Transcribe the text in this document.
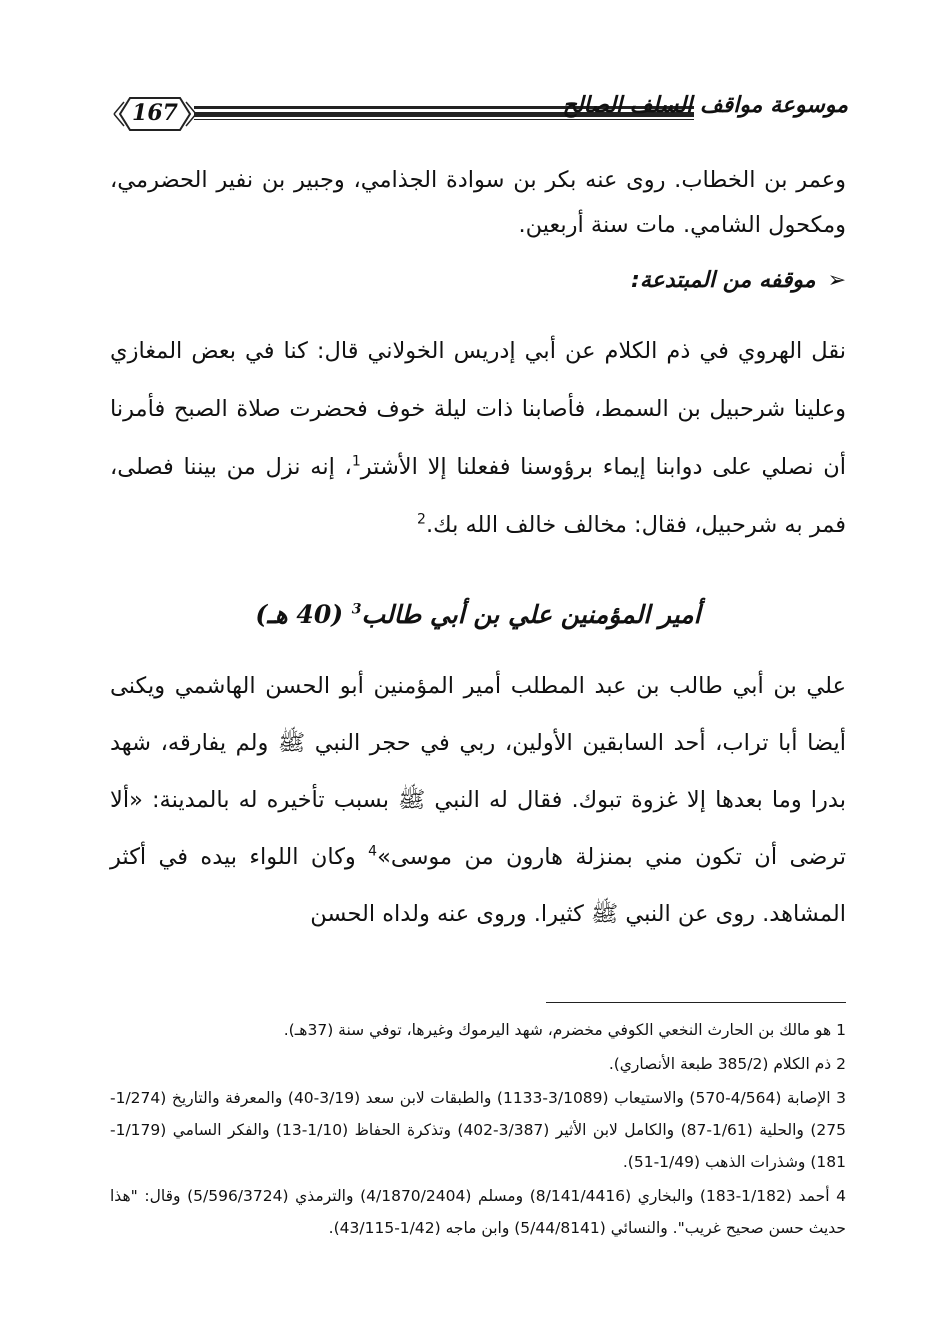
167	موسوعة مواقف السلف الصالح
وعمر بن الخطاب. روى عنه بكر بن سوادة الجذامي، وجبير بن نفير الحضرمي، ومكحول الشامي. مات سنة أربعين.
➢موقفه من المبتدعة:
نقل الهروي في ذم الكلام عن أبي إدريس الخولاني قال: كنا في بعض المغازي وعلينا شرحبيل بن السمط، فأصابنا ذات ليلة خوف فحضرت صلاة الصبح فأمرنا أن نصلي على دوابنا إيماء برؤوسنا ففعلنا إلا الأشتر$^1$، إنه نزل من بيننا فصلى، فمر به شرحبيل، فقال: مخالف خالف الله بك.$^2$
أمير المؤمنين علي بن أبي طالب$^3$ (40 هـ)
علي بن أبي طالب بن عبد المطلب أمير المؤمنين أبو الحسن الهاشمي ويكنى أيضا أبا تراب، أحد السابقين الأولين، ربي في حجر النبي ﷺ ولم يفارقه، شهد بدرا وما بعدها إلا غزوة تبوك. فقال له النبي ﷺ بسبب تأخيره له بالمدينة: «ألا ترضى أن تكون مني بمنزلة هارون من موسى»$^4$ وكان اللواء بيده في أكثر المشاهد. روى عن النبي ﷺ كثيرا. وروى عنه ولداه الحسن

1 هو مالك بن الحارث النخعي الكوفي مخضرم، شهد اليرموك وغيرها، توفي سنة (37هـ).

2 ذم الكلام (385/2 طبعة الأنصاري).

3 الإصابة (4/564-570) والاستيعاب (3/1089-1133) والطبقات لابن سعد (3/19-40) والمعرفة والتاريخ (1/274-275) والحلية (1/61-87) والكامل لابن الأثير (3/387-402) وتذكرة الحفاظ (1/10-13) والفكر السامي (1/179-181) وشذرات الذهب (1/49-51).

4 أحمد (1/182-183) والبخاري (8/141/4416) ومسلم (4/1870/2404) والترمذي (5/596/3724) وقال: "هذا حديث حسن صحيح غريب". والنسائي (5/44/8141) وابن ماجه (1/42-43/115).
